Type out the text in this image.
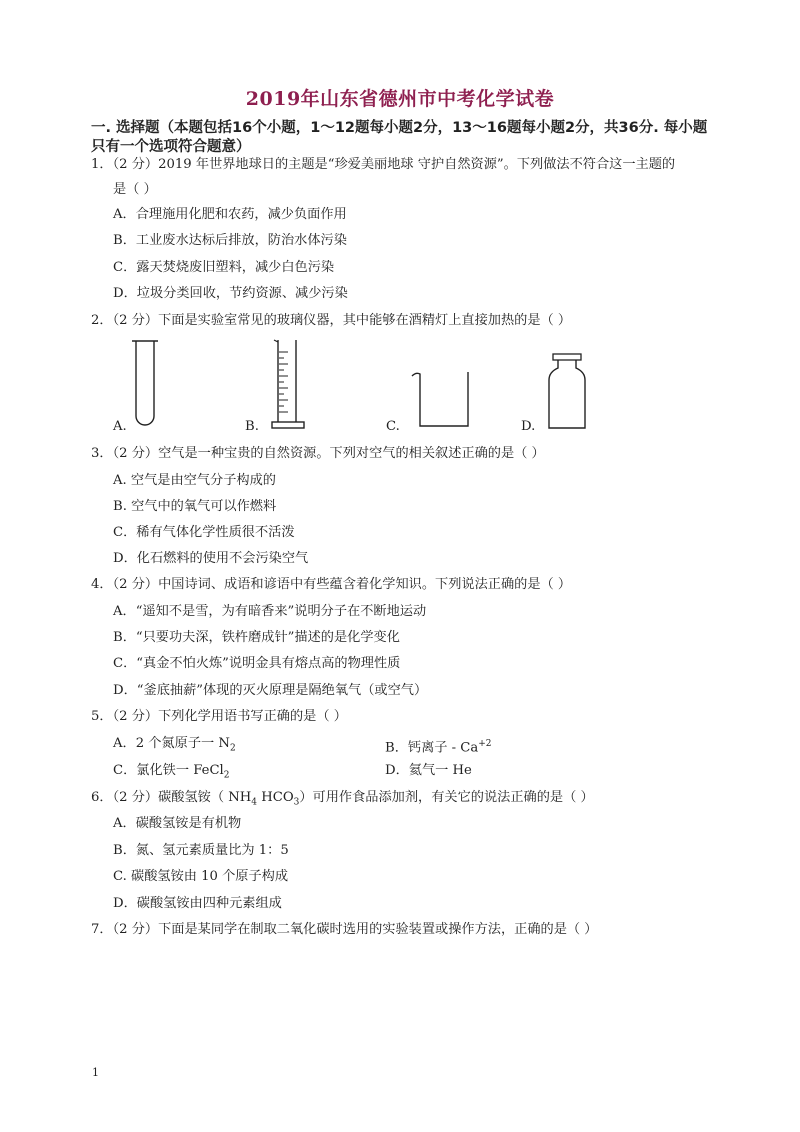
2019年山东省德州市中考化学试卷
一. 选择题（本题包括16个小题，1～12题每小题2分，13～16题每小题2分，共36分. 每小题只有一个选项符合题意）
1．（2 分）2019 年世界地球日的主题是“珍爱美丽地球 守护自然资源”。下列做法不符合这一主题的
是（ ）
A．合理施用化肥和农药，减少负面作用
B．工业废水达标后排放，防治水体污染
C．露天焚烧废旧塑料，减少白色污染
D．垃圾分类回收，节约资源、减少污染
2．（2 分）下面是实验室常见的玻璃仪器，其中能够在酒精灯上直接加热的是（ ）
A.	B.	C.	D.
3．（2 分）空气是一种宝贵的自然资源。下列对空气的相关叙述正确的是（ ）
A. 空气是由空气分子构成的
B. 空气中的氧气可以作燃料
C．稀有气体化学性质很不活泼
D．化石燃料的使用不会污染空气
4．（2 分）中国诗词、成语和谚语中有些蕴含着化学知识。下列说法正确的是（ ）
A．“遥知不是雪，为有暗香来”说明分子在不断地运动
B．“只要功夫深，铁杵磨成针”描述的是化学变化
C．“真金不怕火炼”说明金具有熔点高的物理性质
D．“釜底抽薪”体现的灭火原理是隔绝氧气（或空气）
5．（2 分）下列化学用语书写正确的是（ ）
A．2 个氮原子一 $N_2$	B．钙离子 - $Ca^{+2}$
C．氯化铁一 FeCl$_2$	D．氦气一 He
6．（2 分）碳酸氢铵（ $NH_4$ $HCO_3$）可用作食品添加剂，有关它的说法正确的是（ ）
A．碳酸氢铵是有机物
B．氮、氢元素质量比为 1：5
C. 碳酸氢铵由 10 个原子构成
D．碳酸氢铵由四种元素组成
7．（2 分）下面是某同学在制取二氧化碳时选用的实验装置或操作方法，正确的是（ ）
1
